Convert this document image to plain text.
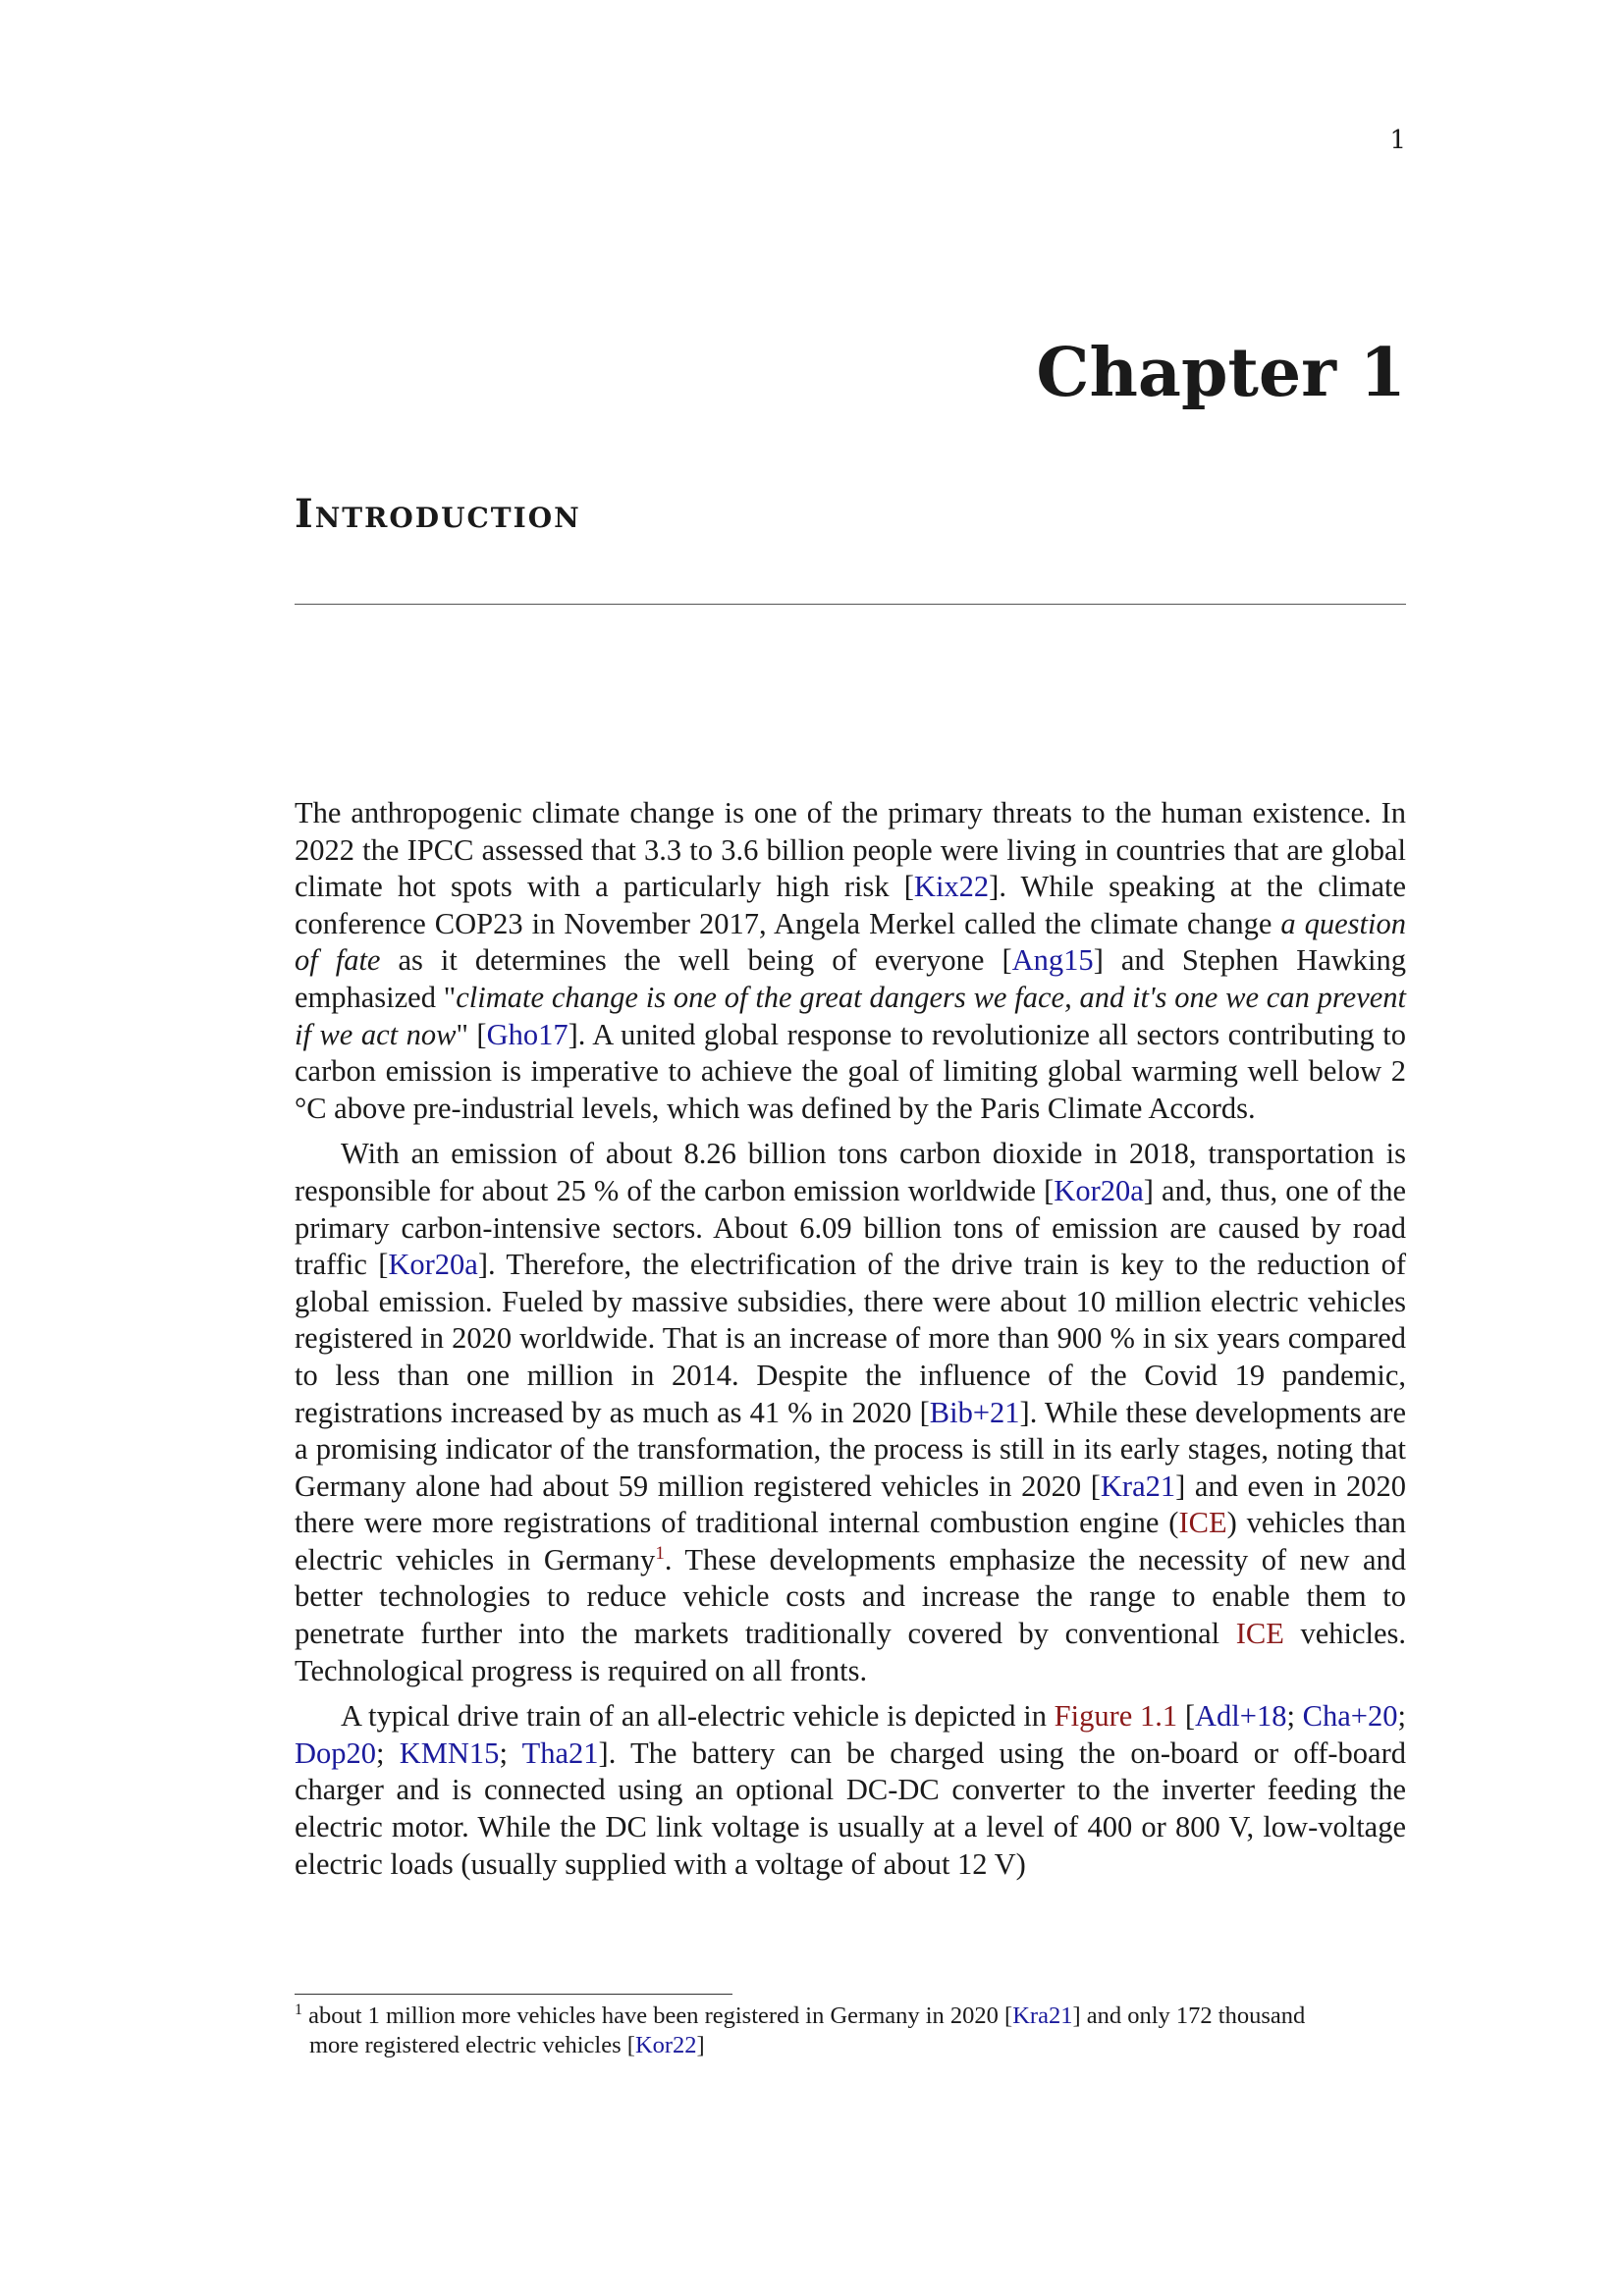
1
Chapter 1
Introduction

The anthropogenic climate change is one of the primary threats to the human existence. In 2022 the IPCC assessed that 3.3 to 3.6 billion people were living in countries that are global climate hot spots with a particularly high risk [Kix22]. While speaking at the climate conference COP23 in November 2017, Angela Merkel called the climate change a question of fate as it determines the well being of everyone [Ang15] and Stephen Hawking emphasized "climate change is one of the great dangers we face, and it's one we can prevent if we act now" [Gho17]. A united global response to revolutionize all sectors contributing to carbon emission is imperative to achieve the goal of limiting global warming well below 2 °C above pre-industrial levels, which was defined by the Paris Climate Accords.

With an emission of about 8.26 billion tons carbon dioxide in 2018, transportation is responsible for about 25 % of the carbon emission worldwide [Kor20a] and, thus, one of the primary carbon-intensive sectors. About 6.09 billion tons of emission are caused by road traffic [Kor20a]. Therefore, the electrification of the drive train is key to the reduction of global emission. Fueled by massive subsidies, there were about 10 million electric vehicles registered in 2020 worldwide. That is an increase of more than 900 % in six years compared to less than one million in 2014. Despite the influence of the Covid 19 pandemic, registrations increased by as much as 41 % in 2020 [Bib+21]. While these developments are a promising indicator of the transformation, the process is still in its early stages, noting that Germany alone had about 59 million registered vehicles in 2020 [Kra21] and even in 2020 there were more registrations of traditional internal combustion engine (ICE) vehicles than electric vehicles in Germany$^1$. These developments emphasize the necessity of new and better technologies to reduce vehicle costs and increase the range to enable them to penetrate further into the markets traditionally covered by conventional ICE vehicles. Technological progress is required on all fronts.

A typical drive train of an all-electric vehicle is depicted in Figure 1.1 [Adl+18; Cha+20; Dop20; KMN15; Tha21]. The battery can be charged using the on-board or off-board charger and is connected using an optional DC-DC converter to the inverter feeding the electric motor. While the DC link voltage is usually at a level of 400 or 800 V, low-voltage electric loads (usually supplied with a voltage of about 12 V)

$^1$ about 1 million more vehicles have been registered in Germany in 2020 [Kra21] and only 172 thousand
more registered electric vehicles [Kor22]
